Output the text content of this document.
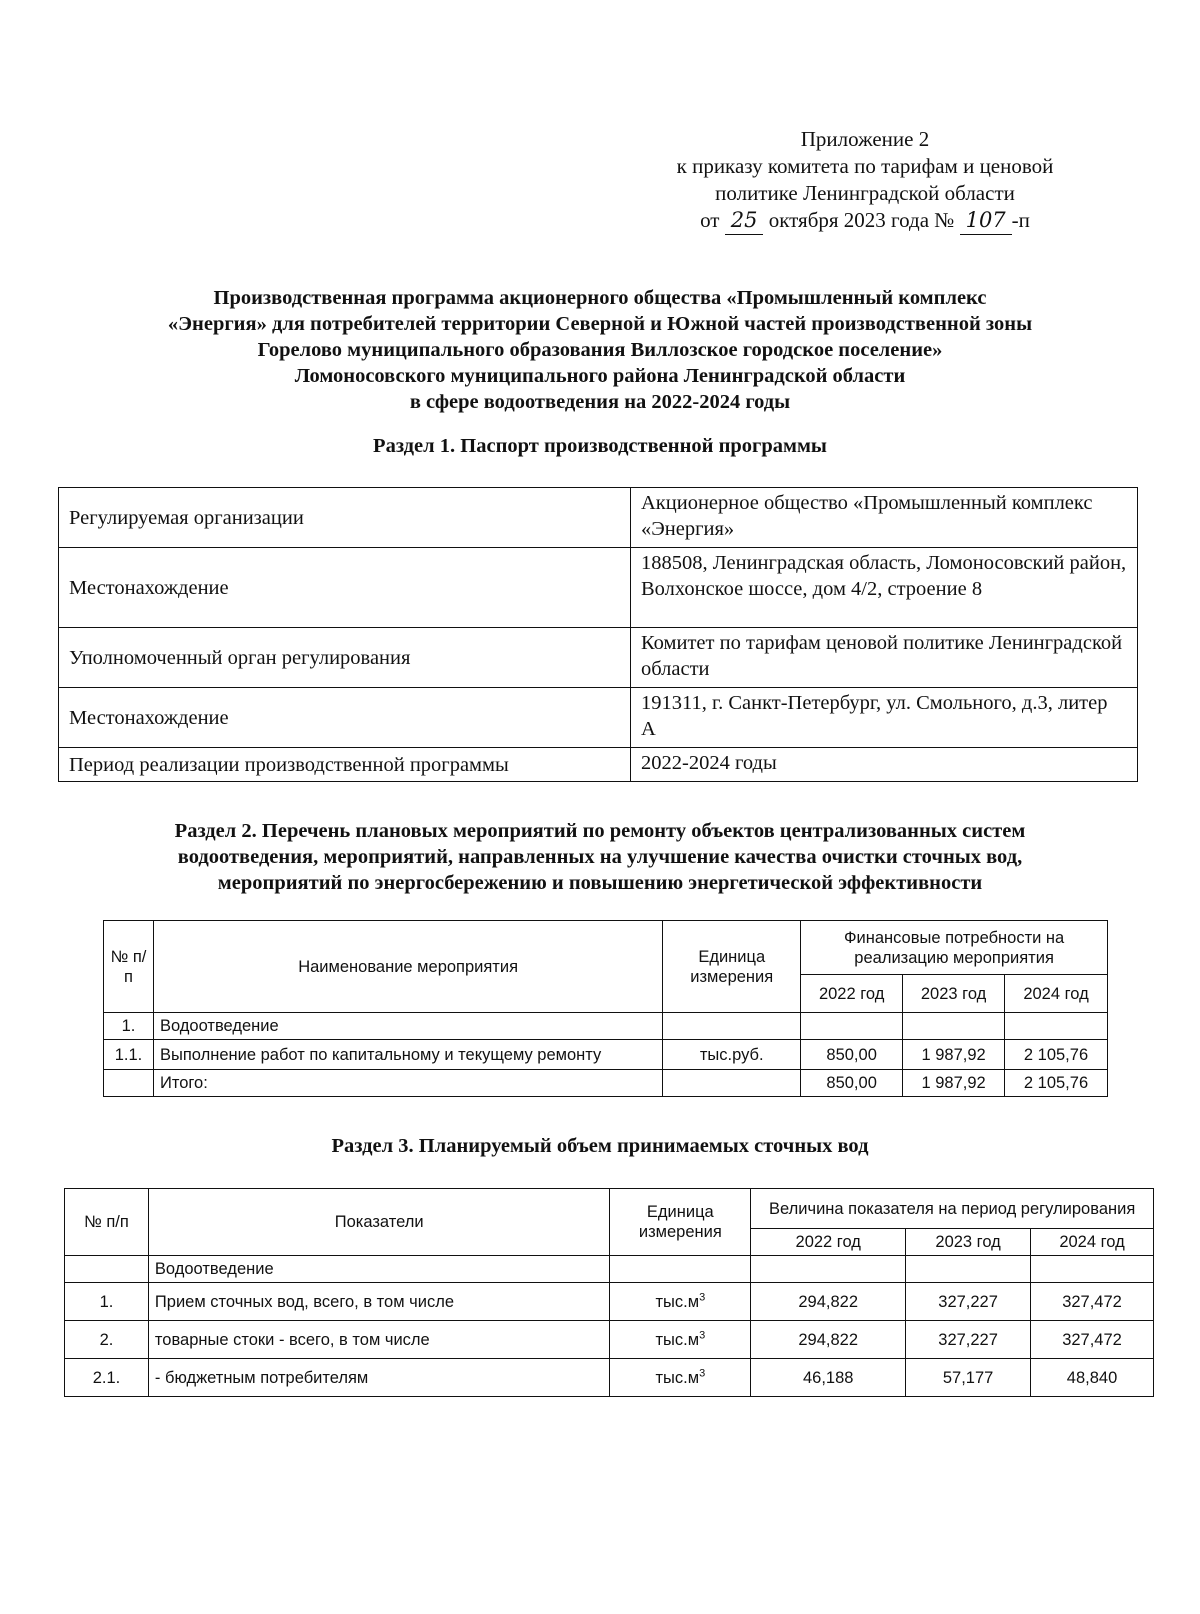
Приложение 2
к приказу комитета по тарифам и ценовой
политике Ленинградской области
от 25 октября 2023 года № 107 -п
Производственная программа акционерного общества «Промышленный комплекс
«Энергия» для потребителей территории Северной и Южной частей производственной зоны
Горелово муниципального образования Виллозское городское поселение»
Ломоносовского муниципального района Ленинградской области
в сфере водоотведения на 2022-2024 годы
Раздел 1. Паспорт производственной программы
Регулируемая организации	Акционерное общество «Промышленный комплекс «Энергия»
Местонахождение	188508, Ленинградская область, Ломоносовский район, Волхонское шоссе, дом 4/2, строение 8
Уполномоченный орган регулирования	Комитет по тарифам ценовой политике Ленинградской области
Местонахождение	191311, г. Санкт-Петербург, ул. Смольного, д.3, литер А
Период реализации производственной программы	2022-2024 годы
Раздел 2. Перечень плановых мероприятий по ремонту объектов централизованных систем
водоотведения, мероприятий, направленных на улучшение качества очистки сточных вод,
мероприятий по энергосбережению и повышению энергетической эффективности
№ п/п	Наименование мероприятия	Единица измерения	Финансовые потребности на реализацию мероприятия		
			2022 год	2023 год	2024 год
1.	Водоотведение				
1.1.	Выполнение работ по капитальному и текущему ремонту	тыс.руб.	850,00	1 987,92	2 105,76
	Итого:		850,00	1 987,92	2 105,76
Раздел 3. Планируемый объем принимаемых сточных вод
№ п/п	Показатели	Единица измерения	Величина показателя на период регулирования		
			2022 год	2023 год	2024 год
	Водоотведение				
1.	Прием сточных вод, всего, в том числе	$тыс.м^3$	294,822	327,227	327,472
2.	товарные стоки - всего, в том числе	$тыс.м^3$	294,822	327,227	327,472
2.1.	- бюджетным потребителям	$тыс.м^3$	46,188	57,177	48,840
